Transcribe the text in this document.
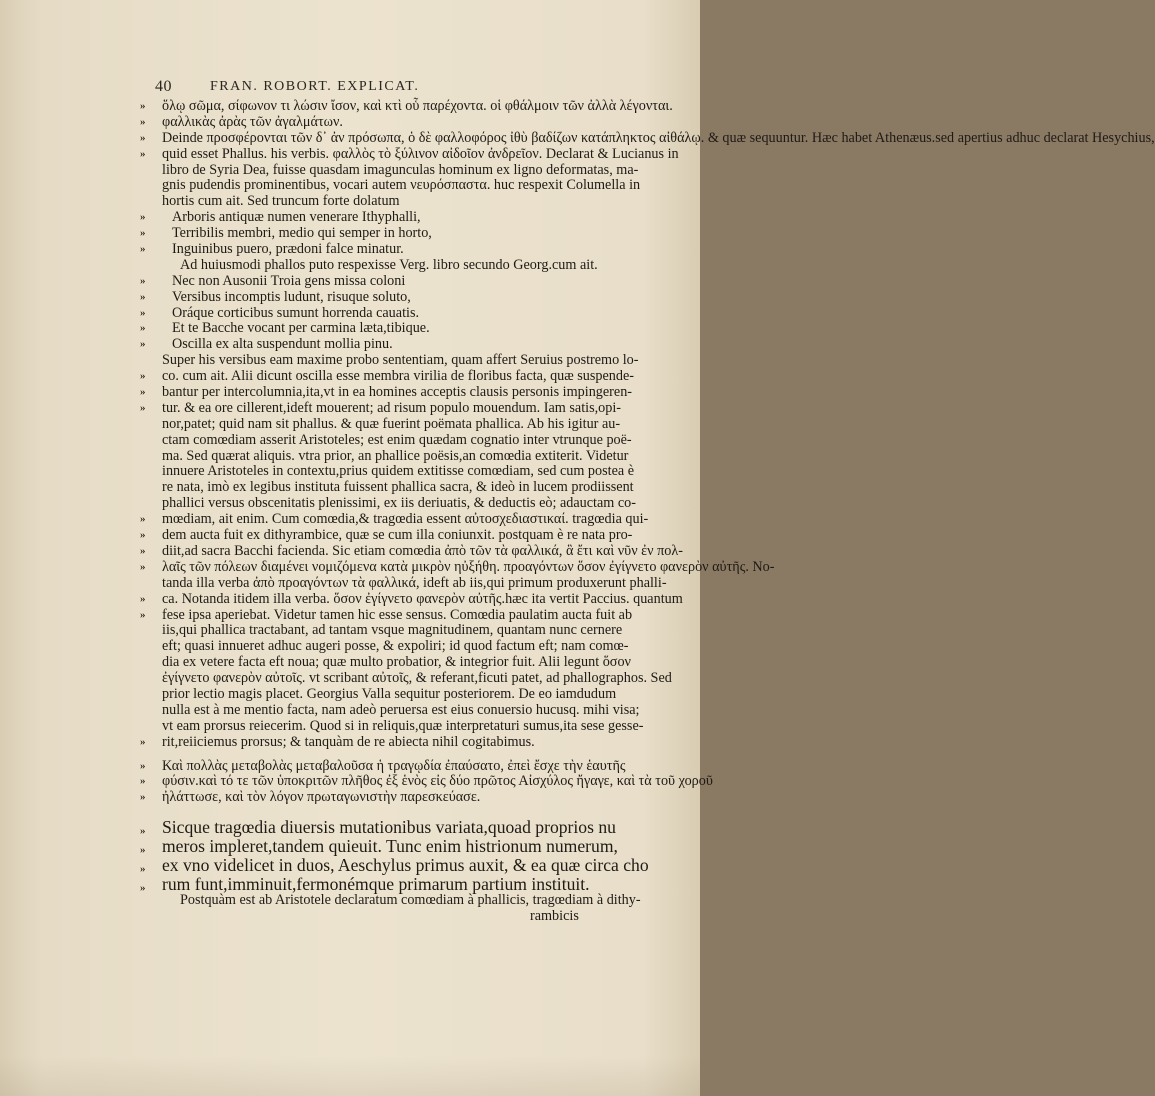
40	FRAN. ROBORT. EXPLICAT.
» ὅλῳ σῶμα, σίφωνον τι λώσιν ἴσον, καὶ κτὶ οὗ παρέχοντα. οἱ φθάλμοιν τῶν ἀλλὰ λέγονται.
» φαλλικὰς ἀρὰς τῶν ἀγαλμάτων.
» Deinde προσφέρονται τῶν δ᾽ ἀν πρόσωπα, ὁ δὲ φαλλοφόρος ἰθὺ βαδίζων κατάπληκτος αἰθάλῳ. & quæ sequuntur. Hæc habet Athenæus.sed apertius adhuc declarat Hesychius,
» quid esset Phallus. his verbis. φαλλὸς τὸ ξύλινον αἰδοῖον ἀνδρεῖον. Declarat & Lucianus in
libro de Syria Dea, fuisse quasdam imagunculas hominum ex ligno deformatas, ma-
gnis pudendis prominentibus, vocari autem νευρόσπαστα. huc respexit Columella in
hortis cum ait. Sed truncum forte dolatum
» Arboris antiquæ numen venerare Ithyphalli,
» Terribilis membri, medio qui semper in horto,
» Inguinibus puero, prædoni falce minatur.
Ad huiusmodi phallos puto respexisse Verg. libro secundo Georg.cum ait.
» Nec non Ausonii Troia gens missa coloni
» Versibus incomptis ludunt, risuque soluto,
» Oráque corticibus sumunt horrenda cauatis.
» Et te Bacche vocant per carmina læta,tibique.
» Oscilla ex alta suspendunt mollia pinu.
Super his versibus eam maxime probo sententiam, quam affert Seruius postremo lo-
» co. cum ait. Alii dicunt oscilla esse membra virilia de floribus facta, quæ suspende-
» bantur per intercolumnia,ita,vt in ea homines acceptis clausis personis impingeren-
» tur. & ea ore cillerent,ideft mouerent; ad risum populo mouendum. Iam satis,opi-
nor,patet; quid nam sit phallus. & quæ fuerint poëmata phallica. Ab his igitur au-
ctam comœdiam asserit Aristoteles; est enim quædam cognatio inter vtrunque poë-
ma. Sed quærat aliquis. vtra prior, an phallice poësis,an comœdia extiterit. Videtur
innuere Aristoteles in contextu,prius quidem extitisse comœdiam, sed cum postea è
re nata, imò ex legibus instituta fuissent phallica sacra, & ideò in lucem prodiissent
phallici versus obscenitatis plenissimi, ex iis deriuatis, & deductis eò; adauctam co-
» mœdiam, ait enim. Cum comœdia,& tragœdia essent αὐτοσχεδιαστικαί. tragœdia qui-
» dem aucta fuit ex dithyrambice, quæ se cum illa coniunxit. postquam è re nata pro-
» diit,ad sacra Bacchi facienda. Sic etiam comœdia ἀπὸ τῶν τὰ φαλλικά, ἃ ἔτι καὶ νῦν ἐν πολ-
» λαῖς τῶν πόλεων διαμένει νομιζόμενα κατὰ μικρὸν ηὐξήθη. προαγόντων ὅσον ἐγίγνετο φανερὸν αὐτῆς. No-
tanda illa verba ἀπὸ προαγόντων τὰ φαλλικά, ideft ab iis,qui primum produxerunt phalli-
» ca. Notanda itidem illa verba. ὅσον ἐγίγνετο φανερὸν αὐτῆς.hæc ita vertit Paccius. quantum
» fese ipsa aperiebat. Videtur tamen hic esse sensus. Comœdia paulatim aucta fuit ab
iis,qui phallica tractabant, ad tantam vsque magnitudinem, quantam nunc cernere
eft; quasi innueret adhuc augeri posse, & expoliri; id quod factum eft; nam comœ-
dia ex vetere facta eft noua; quæ multo probatior, & integrior fuit. Alii legunt ὅσον
ἐγίγνετο φανερὸν αὐτοῖς. vt scribant αὐτοῖς, & referant,ficuti patet, ad phallographos. Sed
prior lectio magis placet. Georgius Valla sequitur posteriorem. De eo iamdudum
nulla est à me mentio facta, nam adeò peruersa est eius conuersio hucusq. mihi visa;
vt eam prorsus reiecerim. Quod si in reliquis,quæ interpretaturi sumus,ita sese gesse-
» rit,reiiciemus prorsus; & tanquàm de re abiecta nihil cogitabimus.
» Καὶ πολλὰς μεταβολὰς μεταβαλοῦσα ἡ τραγῳδία ἐπαύσατο, ἐπεὶ ἔσχε τὴν ἑαυτῆς
» φύσιν.καὶ τό τε τῶν ὑποκριτῶν πλῆθος ἐξ ἑνὸς εἰς δύο πρῶτος Αἰσχύλος ἤγαγε, καὶ τὰ τοῦ χοροῦ
» ἠλάττωσε, καὶ τὸν λόγον πρωταγωνιστὴν παρεσκεύασε.
» Sicque tragœdia diuersis mutationibus variata,quoad proprios nu
» meros impleret,tandem quieuit. Tunc enim histrionum numerum,
» ex vno videlicet in duos, Aeschylus primus auxit, & ea quæ circa cho
» rum funt,imminuit,fermonémque primarum partium instituit.
Postquàm est ab Aristotele declaratum comœdiam à phallicis, tragœdiam à dithy-
rambicis
